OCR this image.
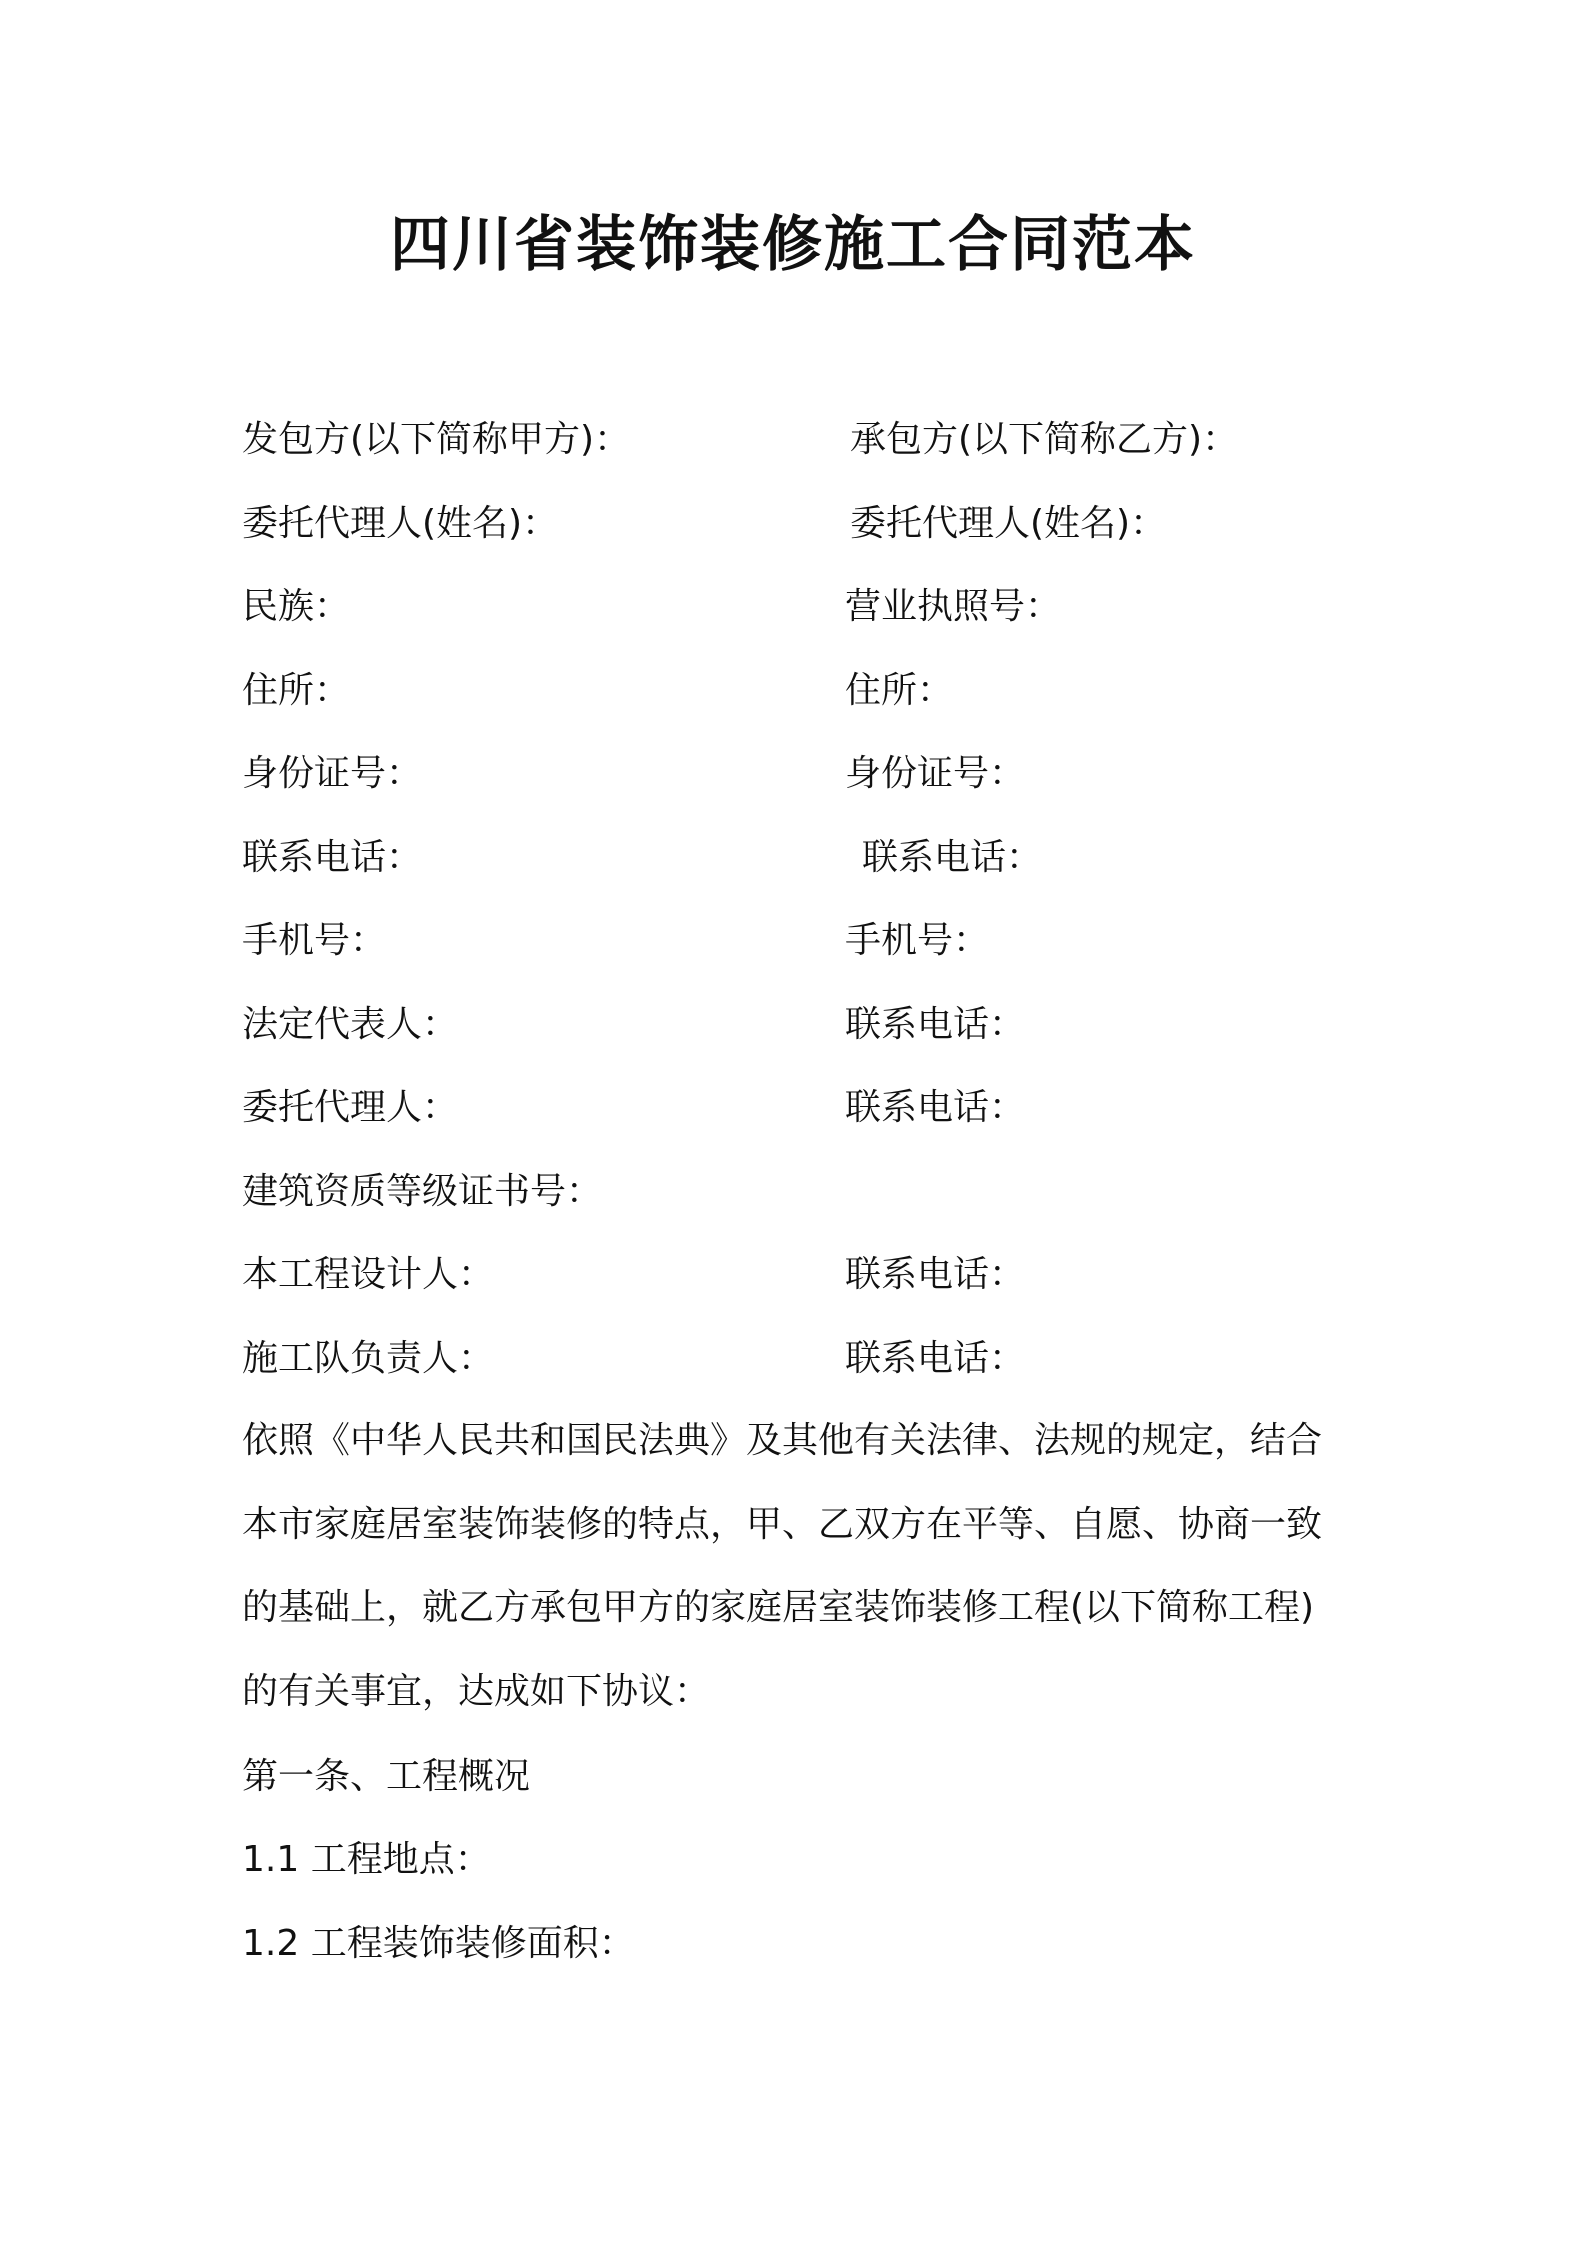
四川省装饰装修施工合同范本
发包方(以下简称甲方)：	承包方(以下简称乙方)：
委托代理人(姓名)：	委托代理人(姓名)：
民族：	营业执照号：
住所：	住所：
身份证号：	身份证号：
联系电话：	联系电话：
手机号：	手机号：
法定代表人：	联系电话：
委托代理人：	联系电话：
建筑资质等级证书号：
本工程设计人：	联系电话：
施工队负责人：	联系电话：
依照《中华人民共和国民法典》及其他有关法律、法规的规定，结合
本市家庭居室装饰装修的特点，甲、乙双方在平等、自愿、协商一致
的基础上，就乙方承包甲方的家庭居室装饰装修工程(以下简称工程)
的有关事宜，达成如下协议：
第一条、工程概况
1.1 工程地点：
1.2 工程装饰装修面积：
